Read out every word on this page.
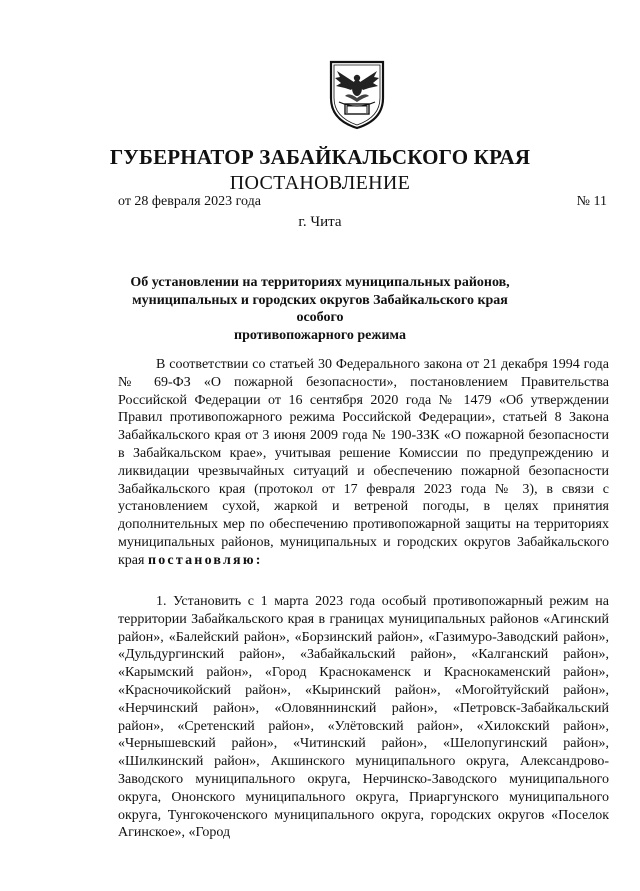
ГУБЕРНАТОР ЗАБАЙКАЛЬСКОГО КРАЯ
ПОСТАНОВЛЕНИЕ
от 28 февраля 2023 года	№ 11
г. Чита
Об установлении на территориях муниципальных районов,
муниципальных и городских округов Забайкальского края особого
противопожарного режима

В соответствии со статьей 30 Федерального закона от 21 декабря 1994 года № 69-ФЗ «О пожарной безопасности», постановлением Правительства Российской Федерации от 16 сентября 2020 года № 1479 «Об утверждении Правил противопожарного режима Российской Федерации», статьей 8 Закона Забайкальского края от 3 июня 2009 года № 190-ЗЗК «О пожарной безопасности в Забайкальском крае», учитывая решение Комиссии по предупреждению и ликвидации чрезвычайных ситуаций и обеспечению пожарной безопасности Забайкальского края (протокол от 17 февраля 2023 года № 3), в связи с установлением сухой, жаркой и ветреной погоды, в целях принятия дополнительных мер по обеспечению противопожарной защиты на территориях муниципальных районов, муниципальных и городских округов Забайкальского края постановляю:

1. Установить с 1 марта 2023 года особый противопожарный режим на территории Забайкальского края в границах муниципальных районов «Агинский район», «Балейский район», «Борзинский район», «Газимуро-Заводский район», «Дульдургинский район», «Забайкальский район», «Калганский район», «Карымский район», «Город Краснокаменск и Краснокаменский район», «Красночикойский район», «Кыринский район», «Могойтуйский район», «Нерчинский район», «Оловяннинский район», «Петровск-Забайкальский район», «Сретенский район», «Улётовский район», «Хилокский район», «Чернышевский район», «Читинский район», «Шелопугинский район», «Шилкинский район», Акшинского муниципального округа, Александрово-Заводского муниципального округа, Нерчинско-Заводского муниципального округа, Ононского муниципального округа, Приаргунского муниципального округа, Тунгокоченского муниципального округа, городских округов «Поселок Агинское», «Город
